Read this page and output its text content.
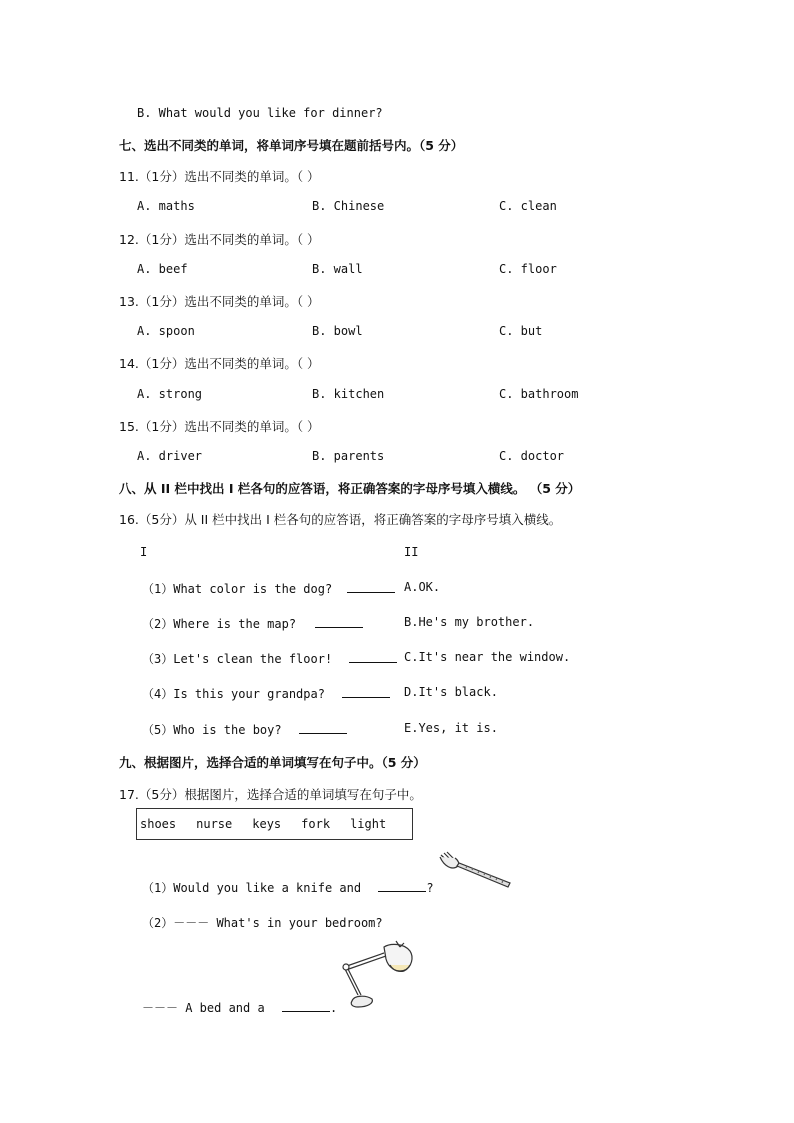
B. What would you like for dinner?
七、选出不同类的单词，将单词序号填在题前括号内。（5 分）
11.（1分）选出不同类的单词。（ ）
A. maths	B. Chinese	C. clean
12.（1分）选出不同类的单词。（ ）
A. beef	B. wall	C. floor
13.（1分）选出不同类的单词。（ ）
A. spoon	B. bowl	C. but
14.（1分）选出不同类的单词。（ ）
A. strong	B. kitchen	C. bathroom
15.（1分）选出不同类的单词。（ ）
A. driver	B. parents	C. doctor
八、从 II 栏中找出 I 栏各句的应答语，将正确答案的字母序号填入横线。 （5 分）
16.（5分）从 II 栏中找出 I 栏各句的应答语，将正确答案的字母序号填入横线。
I	II
（1）What color is the dog?	A.OK.
（2）Where is the map?	B.He's my brother.
（3）Let's clean the floor!	C.It's near the window.
（4）Is this your grandpa?	D.It's black.
（5）Who is the boy?	E.Yes, it is.
九、根据图片，选择合适的单词填写在句子中。（5 分）
17.（5分）根据图片，选择合适的单词填写在句子中。
shoes nurse keys fork light
（1）Would you like a knife and	?
（2）－－－ What's in your bedroom?
－－－ A bed and a	.
